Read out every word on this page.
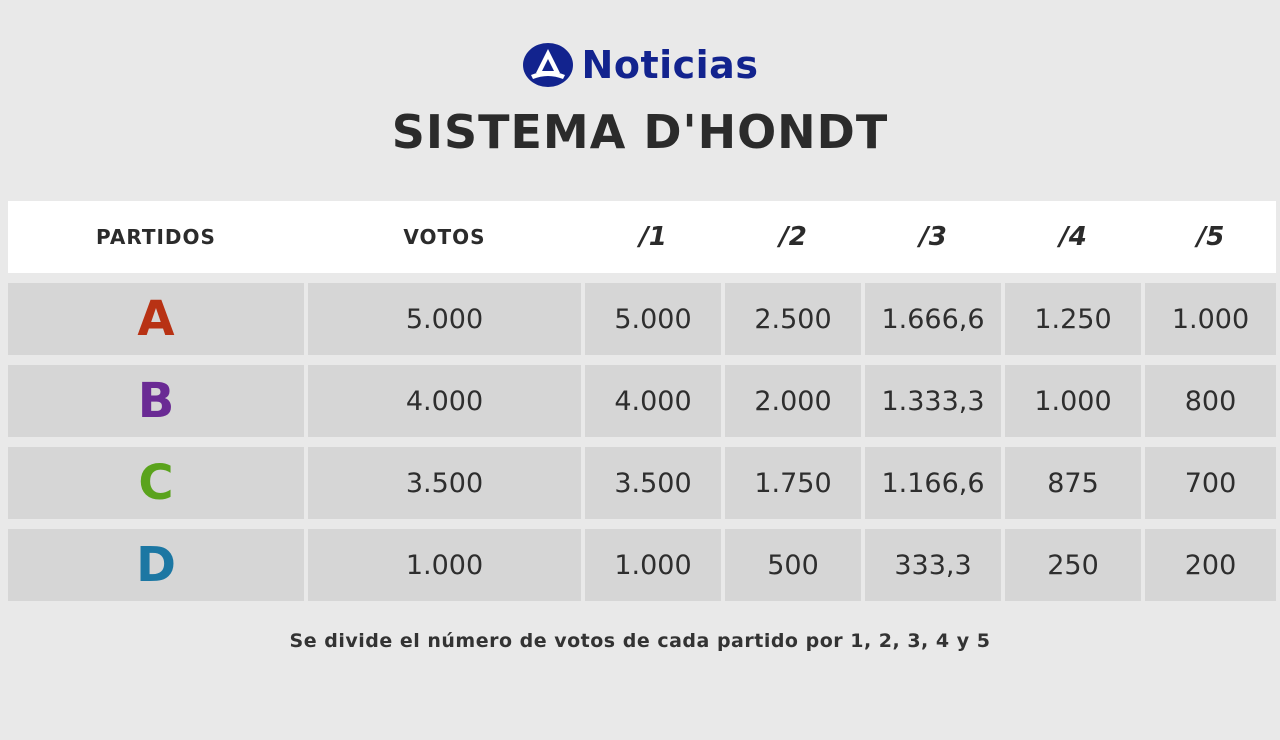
Noticias
SISTEMA D'HONDT
PARTIDOS	VOTOS	/1	/2	/3	/4	/5
A	5.000	5.000	2.500	1.666,6	1.250	1.000
B	4.000	4.000	2.000	1.333,3	1.000	800
C	3.500	3.500	1.750	1.166,6	875	700
D	1.000	1.000	500	333,3	250	200
Se divide el número de votos de cada partido por 1, 2, 3, 4 y 5
